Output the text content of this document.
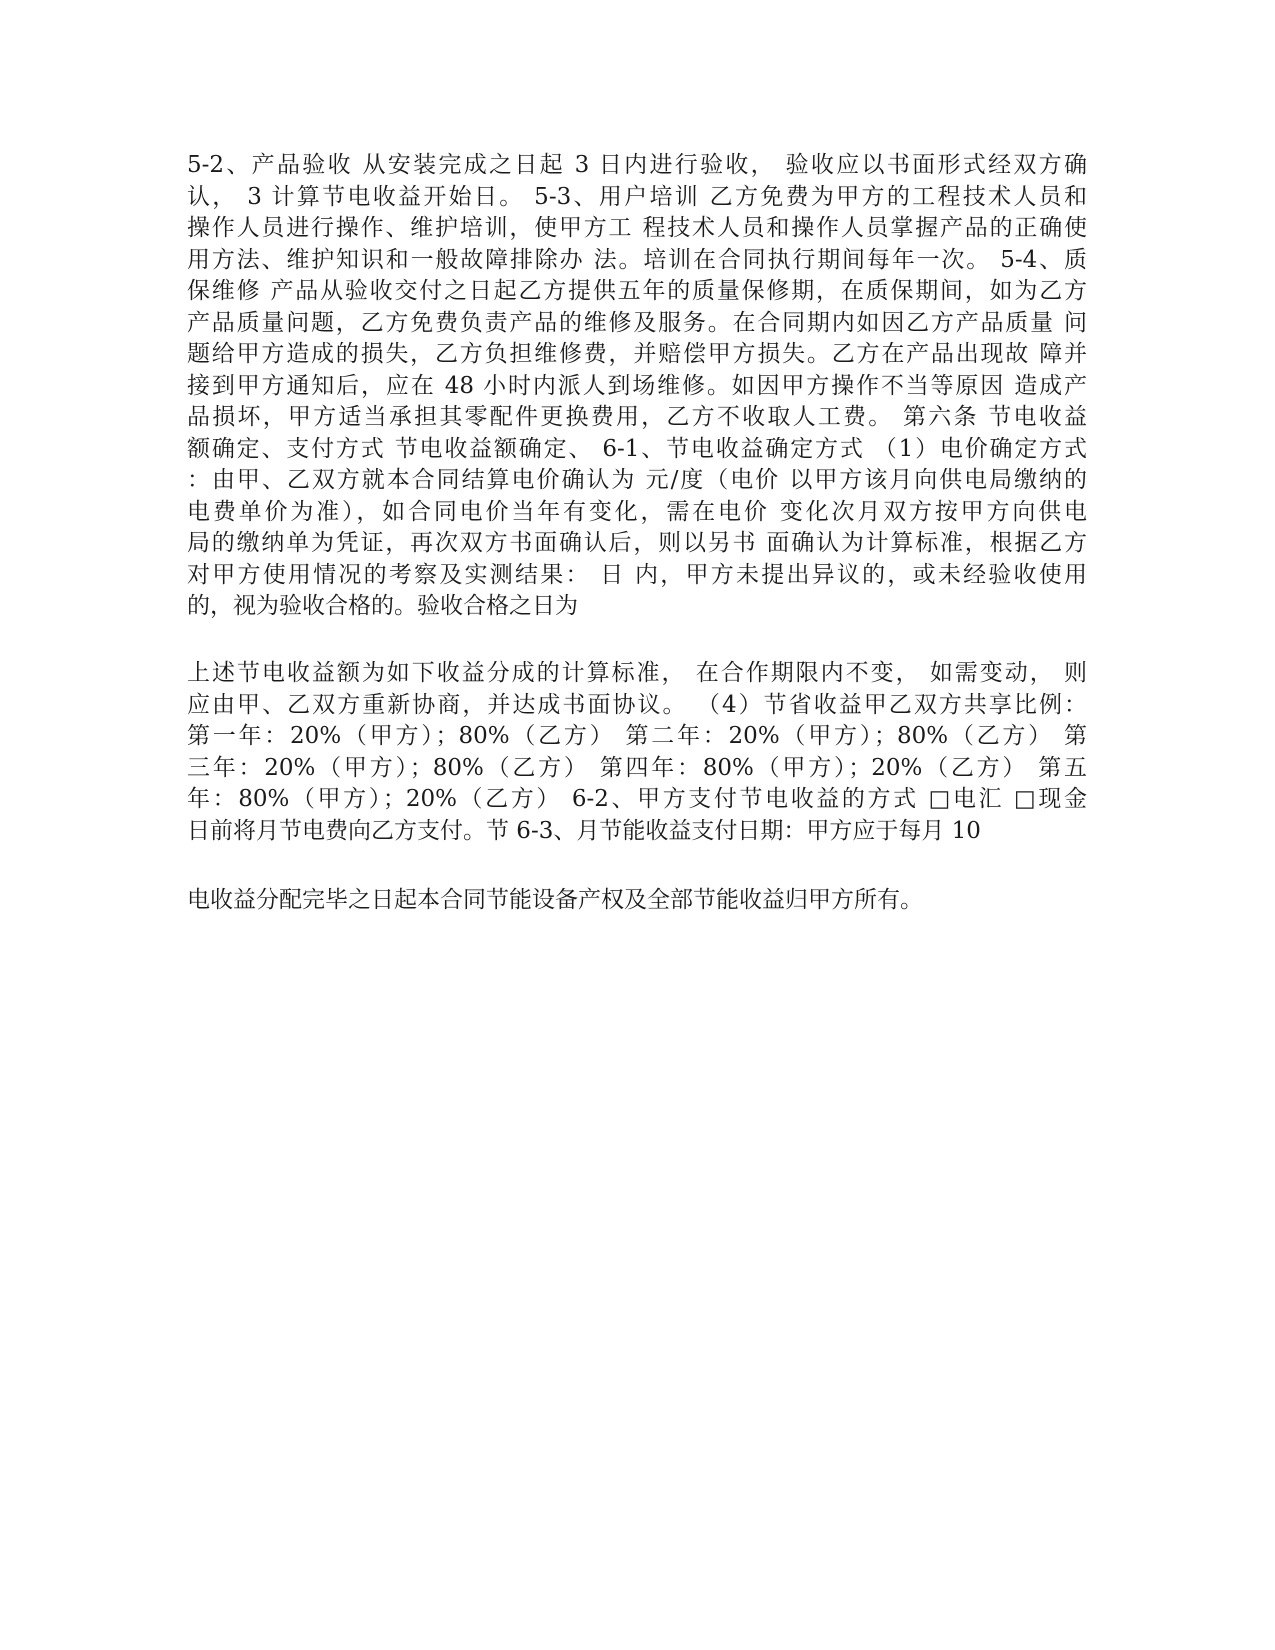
5-2、产品验收 从安装完成之日起 3 日内进行验收， 验收应以书面形式经双方确
认， 3 计算节电收益开始日。 5-3、用户培训 乙方免费为甲方的工程技术人员和
操作人员进行操作、维护培训，使甲方工 程技术人员和操作人员掌握产品的正确使
用方法、维护知识和一般故障排除办 法。培训在合同执行期间每年一次。 5-4、质
保维修 产品从验收交付之日起乙方提供五年的质量保修期，在质保期间，如为乙方
产品质量问题，乙方免费负责产品的维修及服务。在合同期内如因乙方产品质量 问
题给甲方造成的损失，乙方负担维修费，并赔偿甲方损失。乙方在产品出现故 障并
接到甲方通知后，应在 48 小时内派人到场维修。如因甲方操作不当等原因 造成产
品损坏，甲方适当承担其零配件更换费用，乙方不收取人工费。 第六条 节电收益
额确定、支付方式 节电收益额确定、 6-1、节电收益确定方式 （1）电价确定方式
：由甲、乙双方就本合同结算电价确认为 元/度（电价 以甲方该月向供电局缴纳的
电费单价为准），如合同电价当年有变化，需在电价 变化次月双方按甲方向供电
局的缴纳单为凭证，再次双方书面确认后，则以另书 面确认为计算标准，根据乙方
对甲方使用情况的考察及实测结果： 日 内，甲方未提出异议的，或未经验收使用
的，视为验收合格的。验收合格之日为
上述节电收益额为如下收益分成的计算标准， 在合作期限内不变， 如需变动， 则
应由甲、乙双方重新协商，并达成书面协议。 （4）节省收益甲乙双方共享比例：
第一年：20%（甲方）；80%（乙方） 第二年：20%（甲方）；80%（乙方） 第
三年：20%（甲方）；80%（乙方） 第四年：80%（甲方）；20%（乙方） 第五
年：80%（甲方）；20%（乙方） 6-2、甲方支付节电收益的方式 □电汇 □现金
日前将月节电费向乙方支付。节 6-3、月节能收益支付日期：甲方应于每月 10
电收益分配完毕之日起本合同节能设备产权及全部节能收益归甲方所有。
